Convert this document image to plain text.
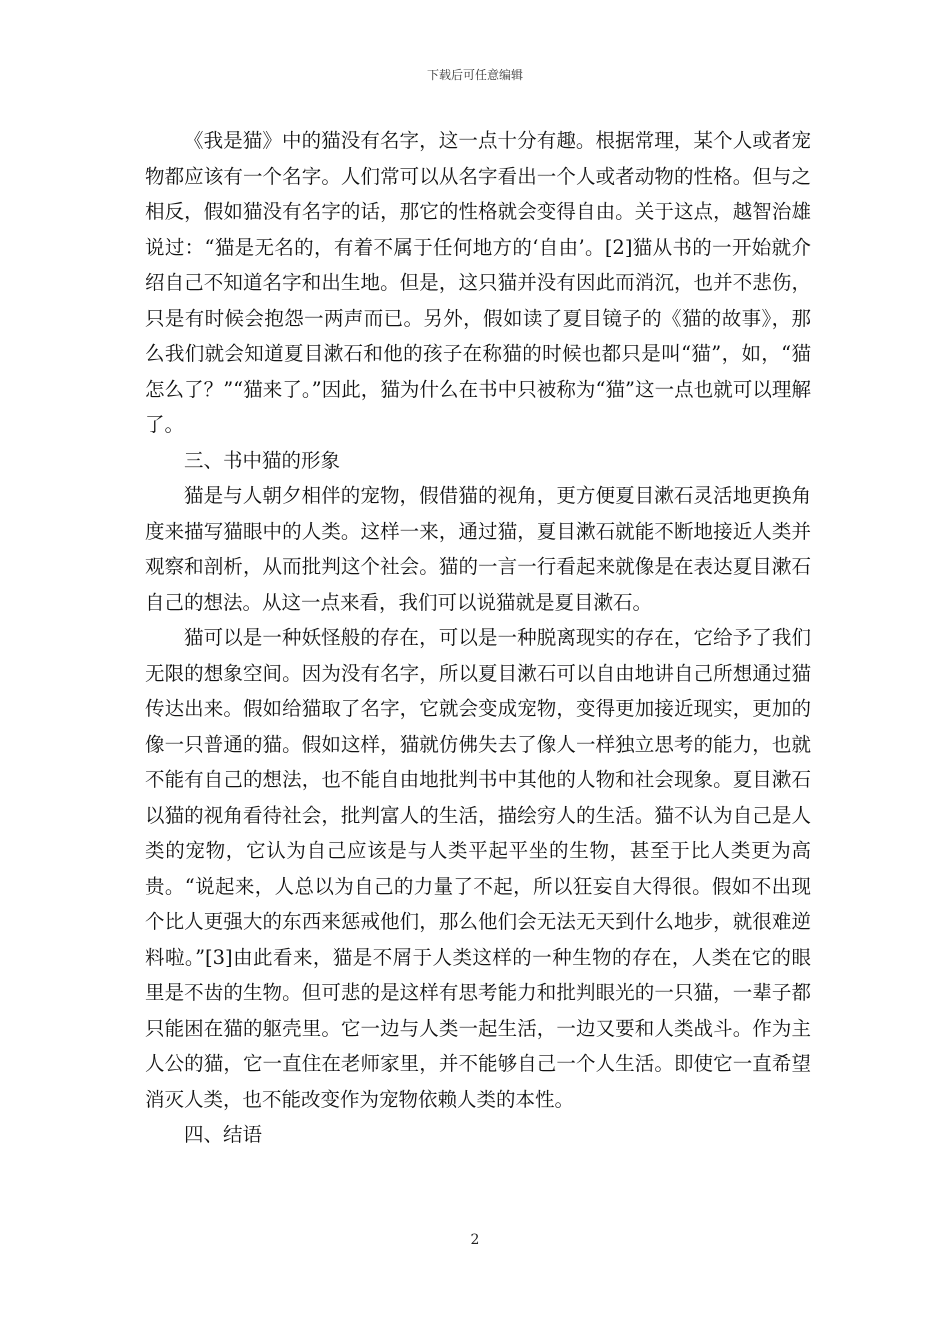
下载后可任意编辑

《我是猫》中的猫没有名字，这一点十分有趣。根据常理，某个人或者宠物都应该有一个名字。人们常可以从名字看出一个人或者动物的性格。但与之相反，假如猫没有名字的话，那它的性格就会变得自由。关于这点，越智治雄说过：“猫是无名的，有着不属于任何地方的‘自由’。[2]猫从书的一开始就介绍自己不知道名字和出生地。但是，这只猫并没有因此而消沉，也并不悲伤，只是有时候会抱怨一两声而已。另外，假如读了夏目镜子的《猫的故事》，那么我们就会知道夏目漱石和他的孩子在称猫的时候也都只是叫“猫”，如，“猫怎么了？”“猫来了。”因此，猫为什么在书中只被称为“猫”这一点也就可以理解了。

三、书中猫的形象

猫是与人朝夕相伴的宠物，假借猫的视角，更方便夏目漱石灵活地更换角度来描写猫眼中的人类。这样一来，通过猫，夏目漱石就能不断地接近人类并观察和剖析，从而批判这个社会。猫的一言一行看起来就像是在表达夏目漱石自己的想法。从这一点来看，我们可以说猫就是夏目漱石。

猫可以是一种妖怪般的存在，可以是一种脱离现实的存在，它给予了我们无限的想象空间。因为没有名字，所以夏目漱石可以自由地讲自己所想通过猫传达出来。假如给猫取了名字，它就会变成宠物，变得更加接近现实，更加的像一只普通的猫。假如这样，猫就仿佛失去了像人一样独立思考的能力，也就不能有自己的想法，也不能自由地批判书中其他的人物和社会现象。夏目漱石以猫的视角看待社会，批判富人的生活，描绘穷人的生活。猫不认为自己是人类的宠物，它认为自己应该是与人类平起平坐的生物，甚至于比人类更为高贵。“说起来，人总以为自己的力量了不起，所以狂妄自大得很。假如不出现个比人更强大的东西来惩戒他们，那么他们会无法无天到什么地步，就很难逆料啦。”[3]由此看来，猫是不屑于人类这样的一种生物的存在，人类在它的眼里是不齿的生物。但可悲的是这样有思考能力和批判眼光的一只猫，一辈子都只能困在猫的躯壳里。它一边与人类一起生活，一边又要和人类战斗。作为主人公的猫，它一直住在老师家里，并不能够自己一个人生活。即使它一直希望消灭人类，也不能改变作为宠物依赖人类的本性。

四、结语

2
